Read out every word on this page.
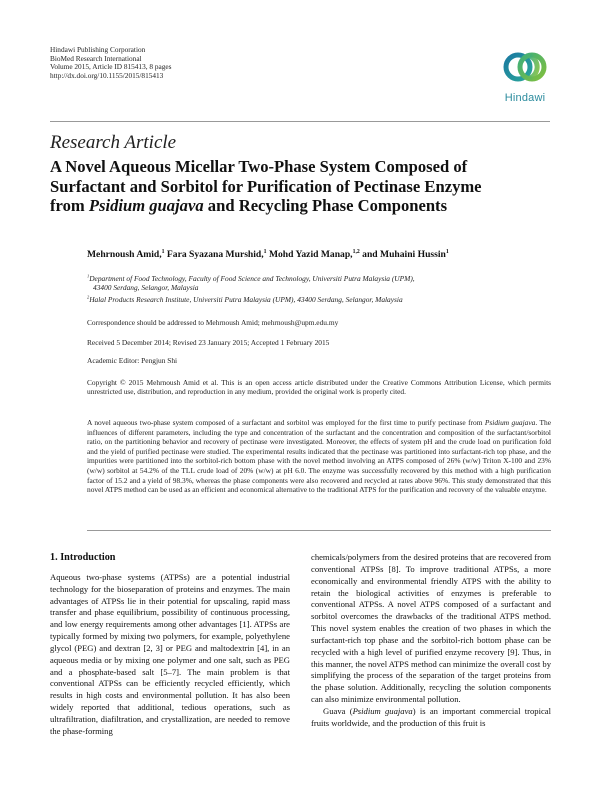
Hindawi Publishing Corporation
BioMed Research International
Volume 2015, Article ID 815413, 8 pages
http://dx.doi.org/10.1155/2015/815413
Hindawi
Research Article
A Novel Aqueous Micellar Two-Phase System Composed of
Surfactant and Sorbitol for Purification of Pectinase Enzyme
from Psidium guajava and Recycling Phase Components
Mehrnoush Amid,$^1$ Fara Syazana Murshid,$^1$ Mohd Yazid Manap,$^{1,2}$ and Muhaini Hussin$^1$
$^1$Department of Food Technology, Faculty of Food Science and Technology, Universiti Putra Malaysia (UPM),
43400 Serdang, Selangor, Malaysia
$^2$Halal Products Research Institute, Universiti Putra Malaysia (UPM), 43400 Serdang, Selangor, Malaysia
Correspondence should be addressed to Mehrnoush Amid; mehrnoush@upm.edu.my
Received 5 December 2014; Revised 23 January 2015; Accepted 1 February 2015
Academic Editor: Pengjun Shi
Copyright © 2015 Mehrnoush Amid et al. This is an open access article distributed under the Creative Commons Attribution License, which permits unrestricted use, distribution, and reproduction in any medium, provided the original work is properly cited.
A novel aqueous two-phase system composed of a surfactant and sorbitol was employed for the first time to purify pectinase from Psidium guajava. The influences of different parameters, including the type and concentration of the surfactant and the concentration and composition of the surfactant/sorbitol ratio, on the partitioning behavior and recovery of pectinase were investigated. Moreover, the effects of system pH and the crude load on purification fold and the yield of purified pectinase were studied. The experimental results indicated that the pectinase was partitioned into surfactant-rich top phase, and the impurities were partitioned into the sorbitol-rich bottom phase with the novel method involving an ATPS composed of 26% (w/w) Triton X-100 and 23% (w/w) sorbitol at 54.2% of the TLL crude load of 20% (w/w) at pH 6.0. The enzyme was successfully recovered by this method with a high purification factor of 15.2 and a yield of 98.3%, whereas the phase components were also recovered and recycled at rates above 96%. This study demonstrated that this novel ATPS method can be used as an efficient and economical alternative to the traditional ATPS for the purification and recovery of the valuable enzyme.
1. Introduction

Aqueous two-phase systems (ATPSs) are a potential industrial technology for the bioseparation of proteins and enzymes. The main advantages of ATPSs lie in their potential for upscaling, rapid mass transfer and phase equilibrium, possibility of continuous processing, and low energy requirements among other advantages [1]. ATPSs are typically formed by mixing two polymers, for example, polyethylene glycol (PEG) and dextran [2, 3] or PEG and maltodextrin [4], in an aqueous media or by mixing one polymer and one salt, such as PEG and a phosphate-based salt [5–7]. The main problem is that conventional ATPSs can be efficiently recycled efficiently, which results in high costs and environmental pollution. It has also been widely reported that additional, tedious operations, such as ultrafiltration, diafiltration, and crystallization, are needed to remove the phase-forming

chemicals/polymers from the desired proteins that are recovered from conventional ATPSs [8]. To improve traditional ATPSs, a more economically and environmental friendly ATPS with the ability to retain the biological activities of enzymes is preferable to conventional ATPSs. A novel ATPS composed of a surfactant and sorbitol overcomes the drawbacks of the traditional ATPS method. This novel system enables the creation of two phases in which the surfactant-rich top phase and the sorbitol-rich bottom phase can be recycled with a high level of purified enzyme recovery [9]. Thus, in this manner, the novel ATPS method can minimize the overall cost by simplifying the process of the separation of the target proteins from the phase solution. Additionally, recycling the solution components can also minimize environmental pollution.

Guava (Psidium guajava) is an important commercial tropical fruits worldwide, and the production of this fruit is
